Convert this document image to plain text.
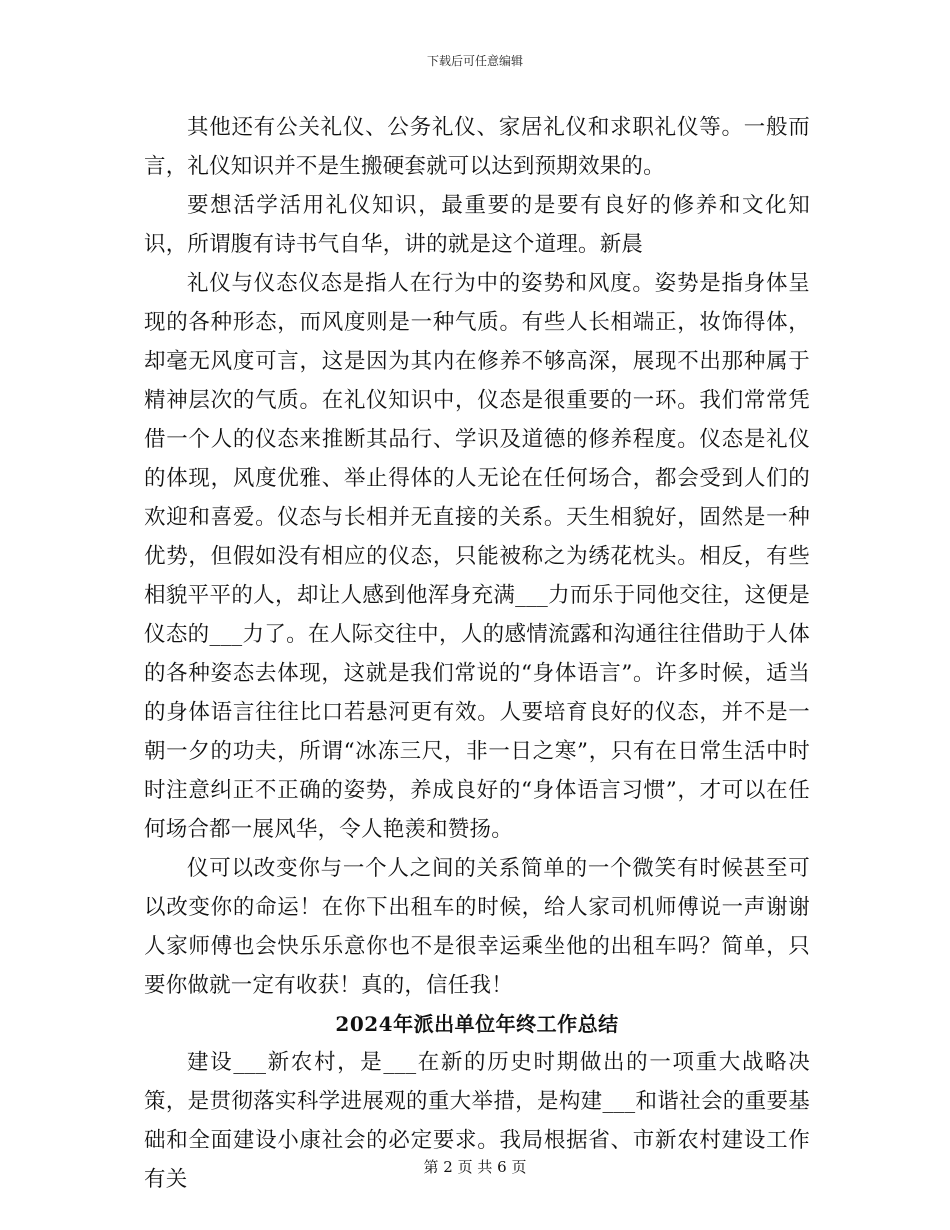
下载后可任意编辑

其他还有公关礼仪、公务礼仪、家居礼仪和求职礼仪等。一般而言，礼仪知识并不是生搬硬套就可以达到预期效果的。

要想活学活用礼仪知识，最重要的是要有良好的修养和文化知识，所谓腹有诗书气自华，讲的就是这个道理。新晨

礼仪与仪态仪态是指人在行为中的姿势和风度。姿势是指身体呈现的各种形态，而风度则是一种气质。有些人长相端正，妆饰得体，却毫无风度可言，这是因为其内在修养不够高深，展现不出那种属于精神层次的气质。在礼仪知识中，仪态是很重要的一环。我们常常凭借一个人的仪态来推断其品行、学识及道德的修养程度。仪态是礼仪的体现，风度优雅、举止得体的人无论在任何场合，都会受到人们的欢迎和喜爱。仪态与长相并无直接的关系。天生相貌好，固然是一种优势，但假如没有相应的仪态，只能被称之为绣花枕头。相反，有些相貌平平的人，却让人感到他浑身充满___力而乐于同他交往，这便是仪态的___力了。在人际交往中，人的感情流露和沟通往往借助于人体的各种姿态去体现，这就是我们常说的“身体语言”。许多时候，适当的身体语言往往比口若悬河更有效。人要培育良好的仪态，并不是一朝一夕的功夫，所谓“冰冻三尺，非一日之寒”，只有在日常生活中时时注意纠正不正确的姿势，养成良好的“身体语言习惯”，才可以在任何场合都一展风华，令人艳羡和赞扬。

仪可以改变你与一个人之间的关系简单的一个微笑有时候甚至可以改变你的命运！在你下出租车的时候，给人家司机师傅说一声谢谢人家师傅也会快乐乐意你也不是很幸运乘坐他的出租车吗？简单，只要你做就一定有收获！真的，信任我！

2024年派出单位年终工作总结

建设___新农村，是___在新的历史时期做出的一项重大战略决策，是贯彻落实科学进展观的重大举措，是构建___和谐社会的重要基础和全面建设小康社会的必定要求。我局根据省、市新农村建设工作有关	第 2 页 共 6 页
